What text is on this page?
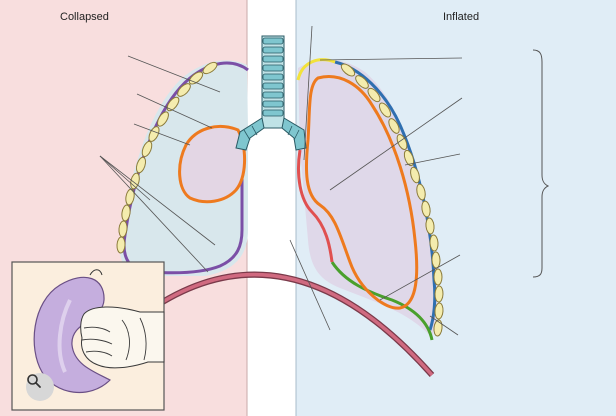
Collapsed	Inflated
